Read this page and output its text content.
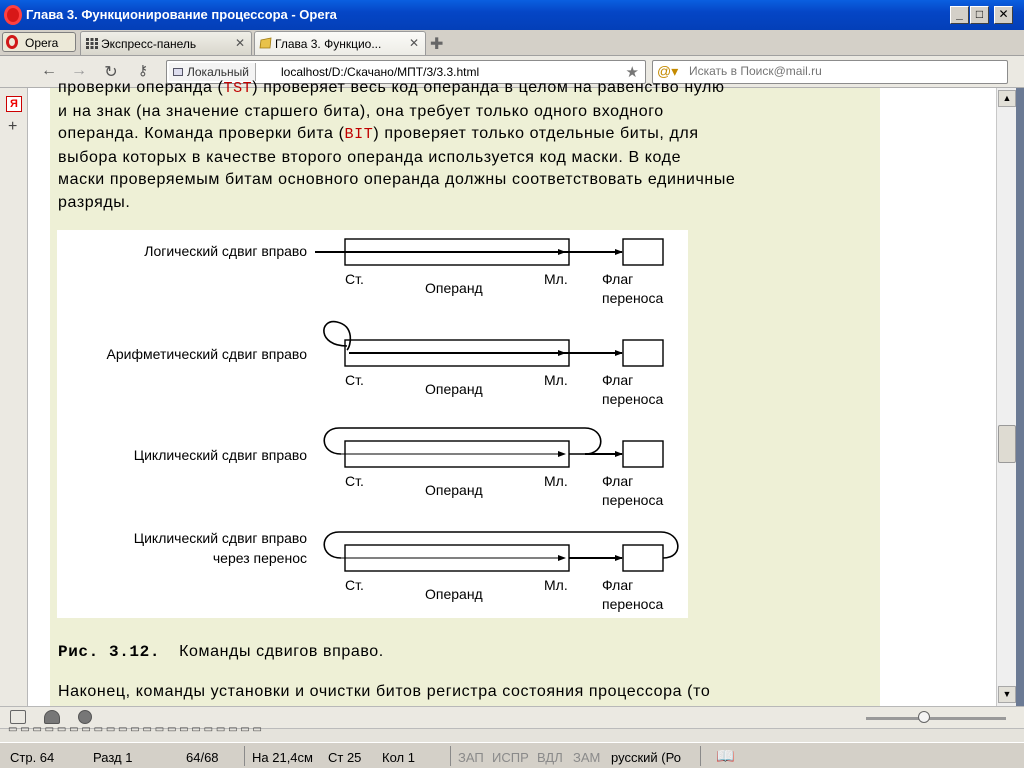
Глава 3. Функционирование процессора - Opera	_	□	✕
Opera	Экспресс-панель	✕	Глава 3. Функцио... ✕ ✚
← → ↻	⚷	Локальный	localhost/D:/Скачано/МПТ/3/3.3.html	★ @▾
Искать в Поиск@mail.ru
Я
+
проверки операнда (TST) проверяет весь код операнда в целом на равенство нулю
и на знак (на значение старшего бита), она требует только одного входного
операнда. Команда проверки бита (BIT) проверяет только отдельные биты, для
выбора которых в качестве второго операнда используется код маски. В коде
маски проверяемым битам основного операнда должны соответствовать единичные
разряды.
Логический сдвиг вправо
Ст.
Операнд
Мл. Флаг
переноса
Арифметический сдвиг вправо
Ст.
Операнд
Мл. Флаг
переноса
Циклический сдвиг вправо
Ст.
Операнд
Мл. Флаг
переноса
Циклический сдвиг вправо
через перенос
Ст.
Операнд
Мл. Флаг
переноса
Рис. 3.12. Команды сдвигов вправо.
Наконец, команды установки и очистки битов регистра состояния процессора (то
▲
▼
▭ ▭ ▭ ▭ ▭ ▭ ▭ ▭ ▭ ▭ ▭ ▭ ▭ ▭ ▭ ▭ ▭ ▭ ▭ ▭ ▭
Стр. 64	Разд 1	64/68	На 21,4см Ст 25 Кол 1	ЗАП ИСПР ВДЛ ЗАМ русский (Ро 📖
